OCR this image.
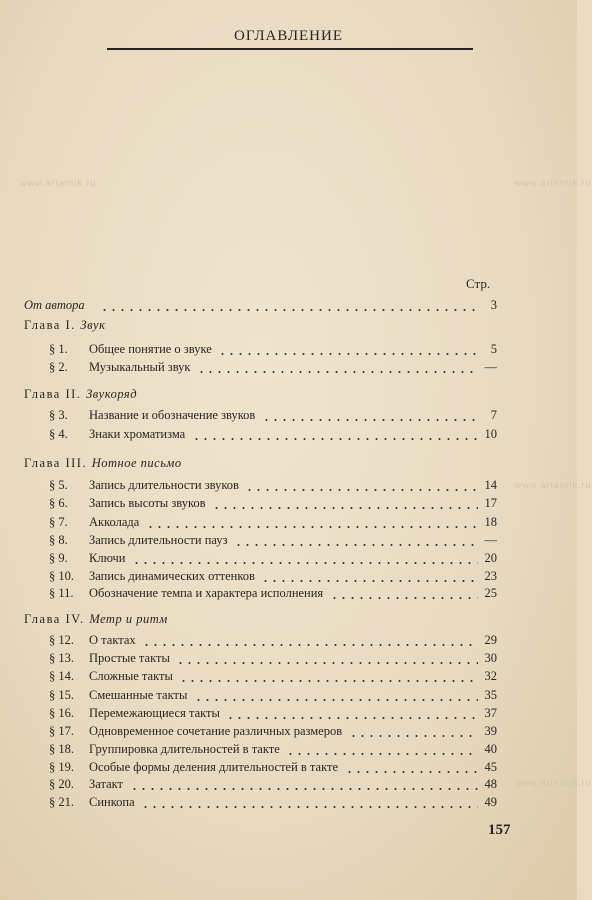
www.artantik.ru	www.artantik.ru
www.artantik.ru
www.artantik.ru
ОГЛАВЛЕНИЕ
Стр.
От автора	3
Глава I. Звук
§ 1.	Общее понятие о звуке	5
§ 2.	Музыкальный звук	—
Глава II. Звукоряд
§ 3.	Название и обозначение звуков	7
§ 4.	Знаки хроматизма	10
Глава III. Нотное письмо
§ 5.	Запись длительности звуков	14
§ 6.	Запись высоты звуков	17
§ 7.	Акколада	18
§ 8.	Запись длительности пауз	—
§ 9.	Ключи	20
§ 10.	Запись динамических оттенков	23
§ 11.	Обозначение темпа и характера исполнения	25
Глава IV. Метр и ритм
§ 12.	О тактах	29
§ 13.	Простые такты	30
§ 14.	Сложные такты	32
§ 15.	Смешанные такты	35
§ 16.	Перемежающиеся такты	37
§ 17.	Одновременное сочетание различных размеров	39
§ 18.	Группировка длительностей в такте	40
§ 19.	Особые формы деления длительностей в такте	45
§ 20.	Затакт	48
§ 21.	Синкопа	49
157
